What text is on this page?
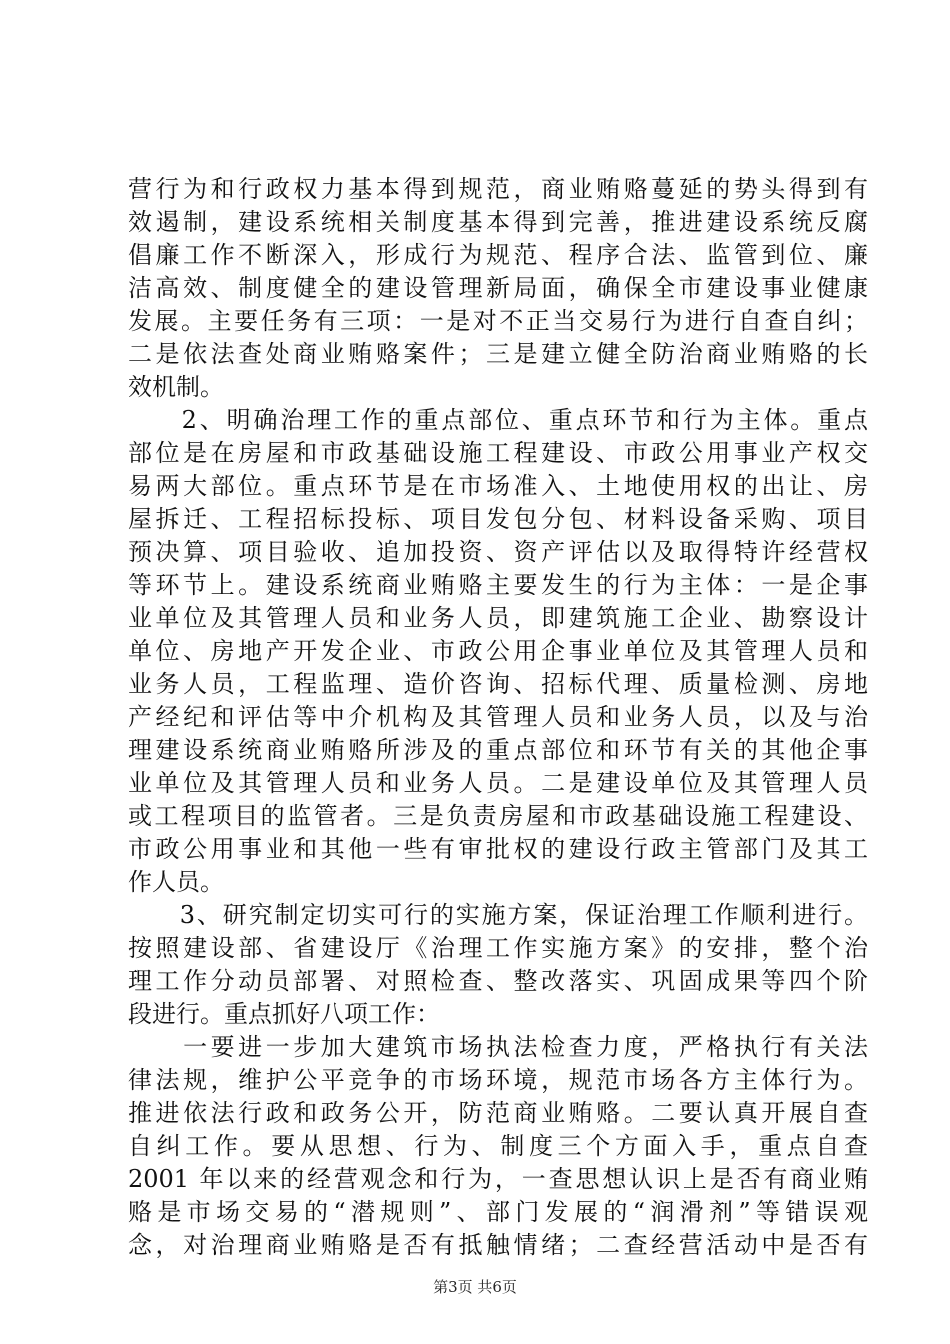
营行为和行政权力基本得到规范，商业贿赂蔓延的势头得到有
效遏制，建设系统相关制度基本得到完善，推进建设系统反腐
倡廉工作不断深入，形成行为规范、程序合法、监管到位、廉
洁高效、制度健全的建设管理新局面，确保全市建设事业健康
发展。主要任务有三项：一是对不正当交易行为进行自查自纠；
二是依法查处商业贿赂案件；三是建立健全防治商业贿赂的长
效机制。
　　2、明确治理工作的重点部位、重点环节和行为主体。重点
部位是在房屋和市政基础设施工程建设、市政公用事业产权交
易两大部位。重点环节是在市场准入、土地使用权的出让、房
屋拆迁、工程招标投标、项目发包分包、材料设备采购、项目
预决算、项目验收、追加投资、资产评估以及取得特许经营权
等环节上。建设系统商业贿赂主要发生的行为主体：一是企事
业单位及其管理人员和业务人员，即建筑施工企业、勘察设计
单位、房地产开发企业、市政公用企事业单位及其管理人员和
业务人员，工程监理、造价咨询、招标代理、质量检测、房地
产经纪和评估等中介机构及其管理人员和业务人员，以及与治
理建设系统商业贿赂所涉及的重点部位和环节有关的其他企事
业单位及其管理人员和业务人员。二是建设单位及其管理人员
或工程项目的监管者。三是负责房屋和市政基础设施工程建设、
市政公用事业和其他一些有审批权的建设行政主管部门及其工
作人员。
　　3、研究制定切实可行的实施方案，保证治理工作顺利进行。
按照建设部、省建设厅《治理工作实施方案》的安排，整个治
理工作分动员部署、对照检查、整改落实、巩固成果等四个阶
段进行。重点抓好八项工作：
　　一要进一步加大建筑市场执法检查力度，严格执行有关法
律法规，维护公平竞争的市场环境，规范市场各方主体行为。
推进依法行政和政务公开，防范商业贿赂。二要认真开展自查
自纠工作。要从思想、行为、制度三个方面入手，重点自查
2001 年以来的经营观念和行为，一查思想认识上是否有商业贿
赂是市场交易的“潜规则”、部门发展的“润滑剂”等错误观
念，对治理商业贿赂是否有抵触情绪；二查经营活动中是否有
第3页 共6页
